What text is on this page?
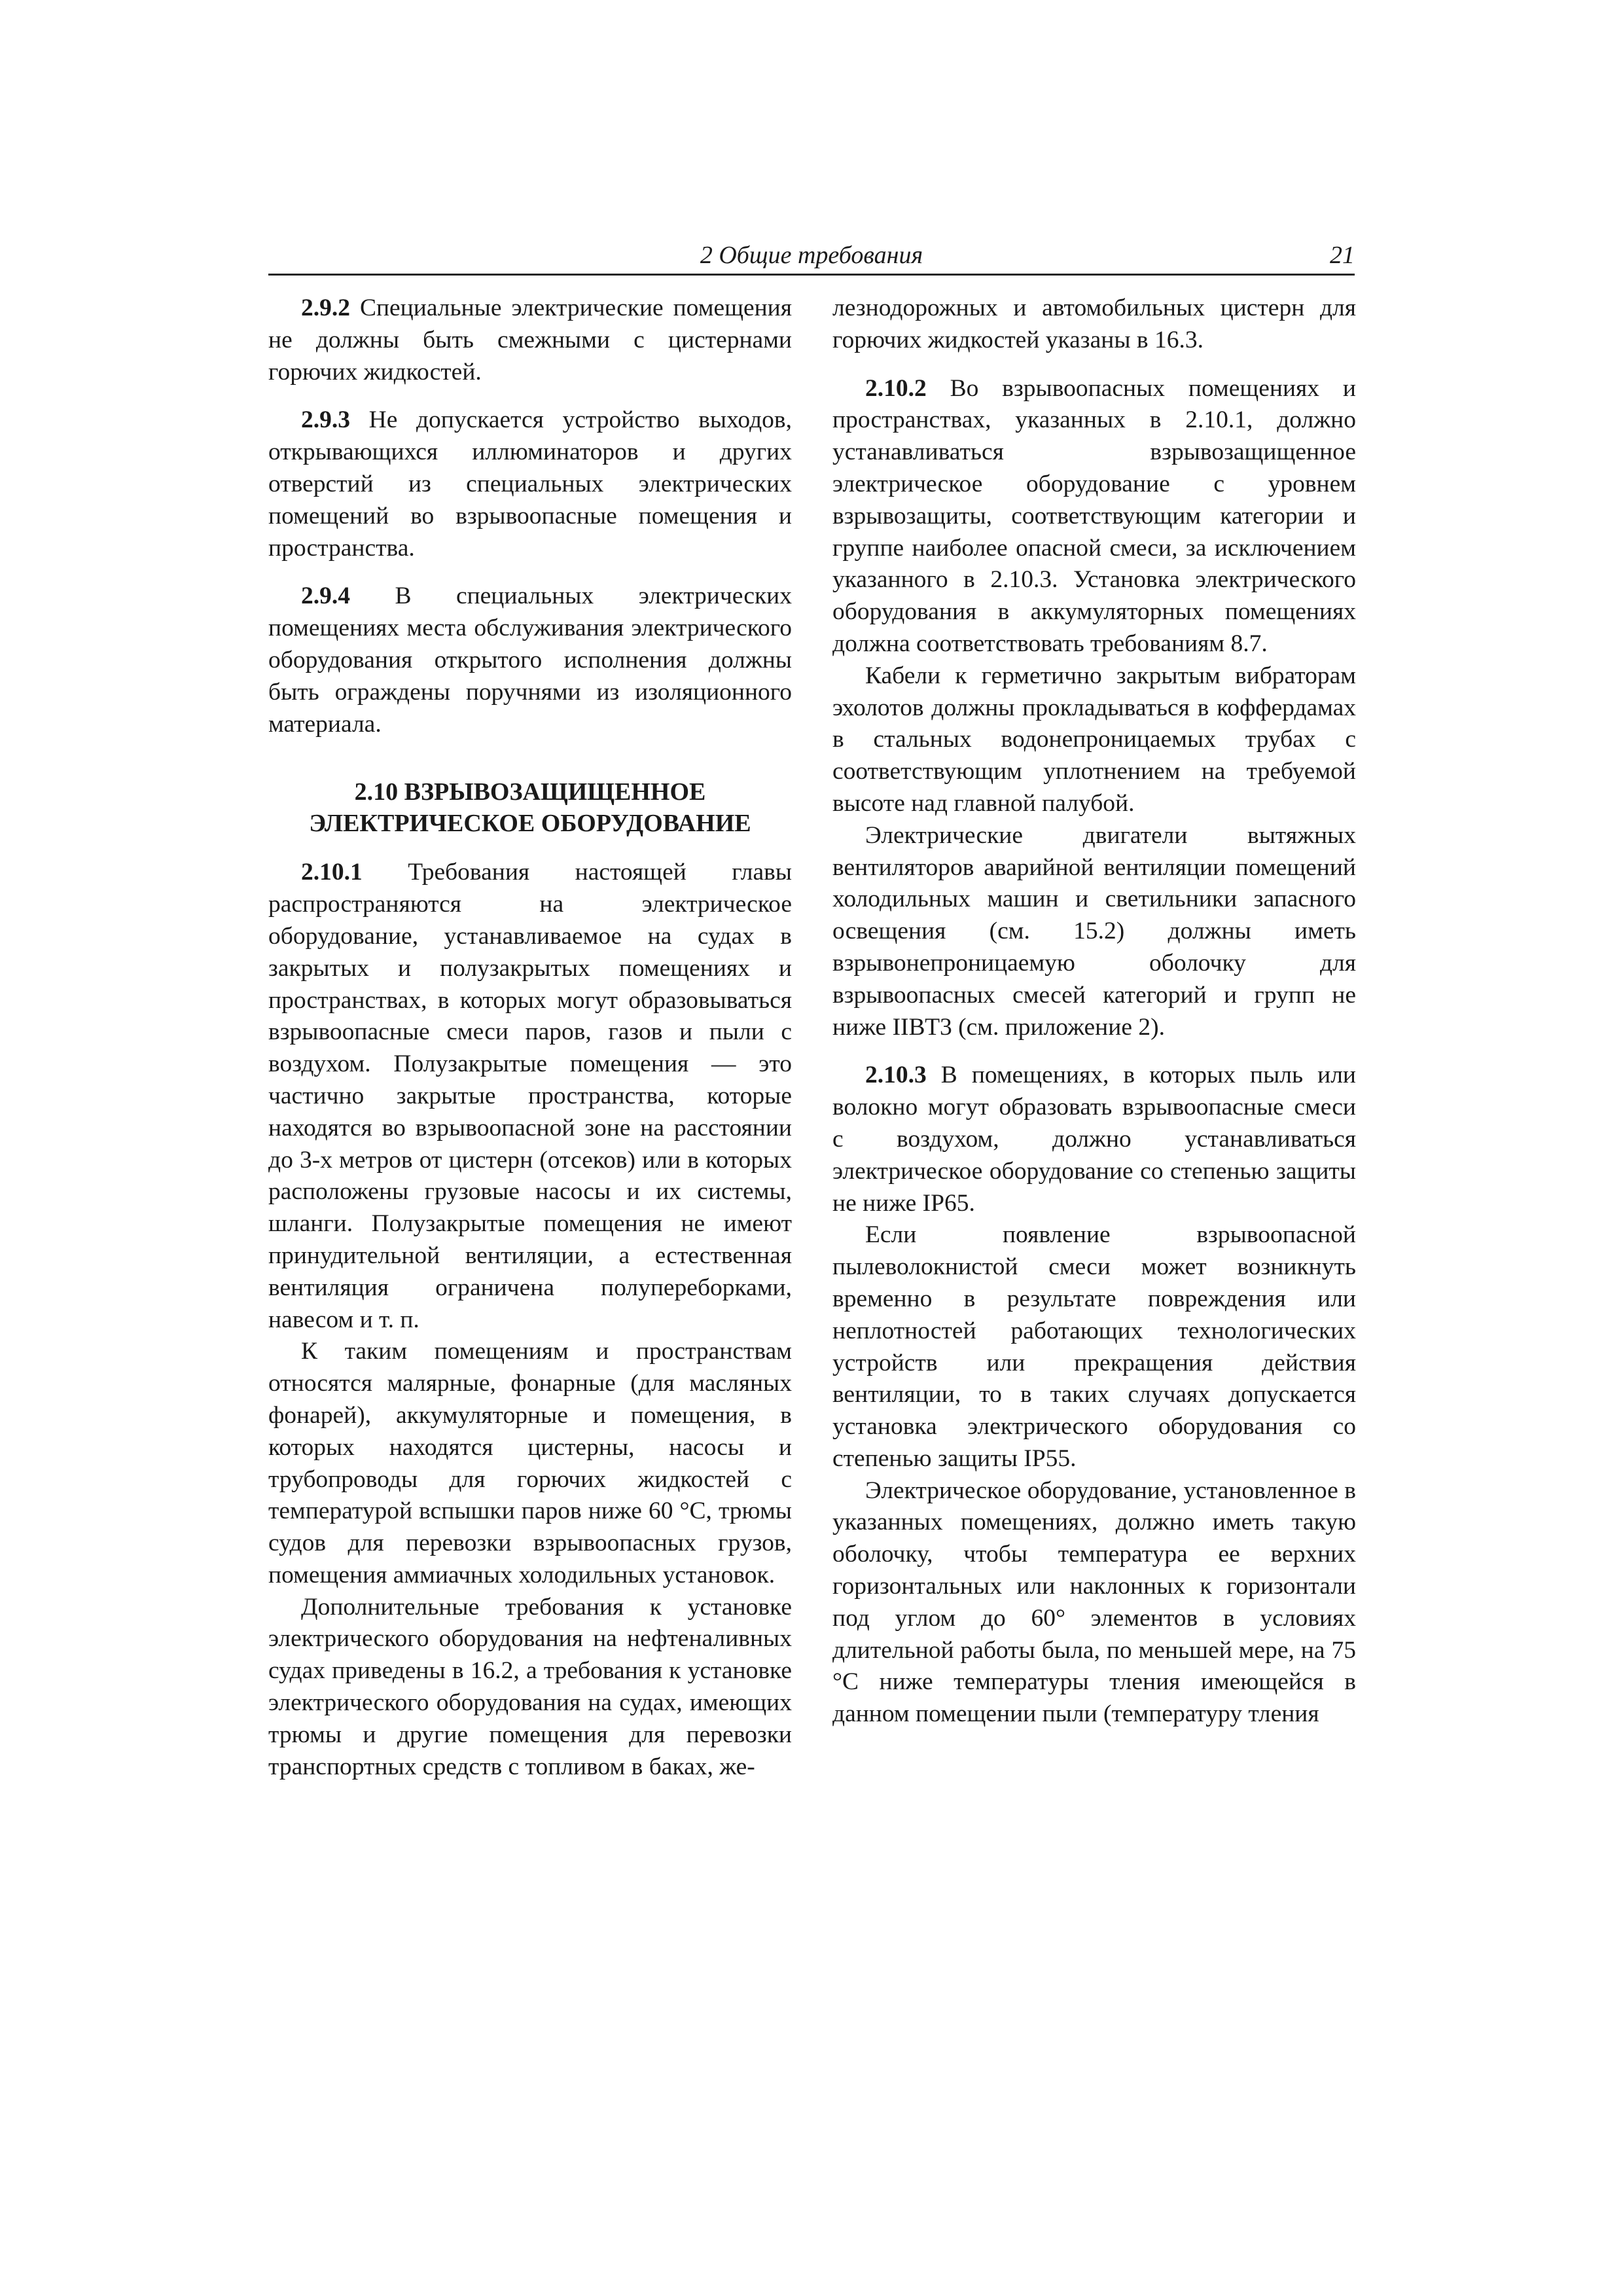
2 Общие требования	21

2.9.2 Специальные электрические помещения не должны быть смежными с цистернами горючих жидкостей.

2.9.3 Не допускается устройство выходов, открывающихся иллюминаторов и других отверстий из специальных электрических помещений во взрывоопасные помещения и пространства.

2.9.4 В специальных электрических помещениях места обслуживания электрического оборудования открытого исполнения должны быть ограждены поручнями из изоляционного материала.

2.10 ВЗРЫВОЗАЩИЩЕННОЕ
ЭЛЕКТРИЧЕСКОЕ ОБОРУДОВАНИЕ

2.10.1 Требования настоящей главы распространяются на электрическое оборудование, устанавливаемое на судах в закрытых и полузакрытых помещениях и пространствах, в которых могут образовываться взрывоопасные смеси паров, газов и пыли с воздухом. Полузакрытые помещения — это частично закрытые пространства, которые находятся во взрывоопасной зоне на расстоянии до 3-х метров от цистерн (отсеков) или в которых расположены грузовые насосы и их системы, шланги. Полузакрытые помещения не имеют принудительной вентиляции, а естественная вентиляция ограничена полупереборками, навесом и т. п.

К таким помещениям и пространствам относятся малярные, фонарные (для масляных фонарей), аккумуляторные и помещения, в которых находятся цистерны, насосы и трубопроводы для горючих жидкостей с температурой вспышки паров ниже 60 °С, трюмы судов для перевозки взрывоопасных грузов, помещения аммиачных холодильных установок.

Дополнительные требования к установке электрического оборудования на нефтеналивных судах приведены в 16.2, а требования к установке электрического оборудования на судах, имеющих трюмы и другие помещения для перевозки транспортных средств с топливом в баках, же-

лезнодорожных и автомобильных цистерн для горючих жидкостей указаны в 16.3.

2.10.2 Во взрывоопасных помещениях и пространствах, указанных в 2.10.1, должно устанавливаться взрывозащищенное электрическое оборудование с уровнем взрывозащиты, соответствующим категории и группе наиболее опасной смеси, за исключением указанного в 2.10.3. Установка электрического оборудования в аккумуляторных помещениях должна соответствовать требованиям 8.7.

Кабели к герметично закрытым вибраторам эхолотов должны прокладываться в коффердамах в стальных водонепроницаемых трубах с соответствующим уплотнением на требуемой высоте над главной палубой.

Электрические двигатели вытяжных вентиляторов аварийной вентиляции помещений холодильных машин и светильники запасного освещения (см. 15.2) должны иметь взрывонепроницаемую оболочку для взрывоопасных смесей категорий и групп не ниже IIВТ3 (см. приложение 2).

2.10.3 В помещениях, в которых пыль или волокно могут образовать взрывоопасные смеси с воздухом, должно устанавливаться электрическое оборудование со степенью защиты не ниже IP65.

Если появление взрывоопасной пылеволокнистой смеси может возникнуть временно в результате повреждения или неплотностей работающих технологических устройств или прекращения действия вентиляции, то в таких случаях допускается установка электрического оборудования со степенью защиты IP55.

Электрическое оборудование, установленное в указанных помещениях, должно иметь такую оболочку, чтобы температура ее верхних горизонтальных или наклонных к горизонтали под углом до 60° элементов в условиях длительной работы была, по меньшей мере, на 75 °С ниже температуры тления имеющейся в данном помещении пыли (температуру тления
